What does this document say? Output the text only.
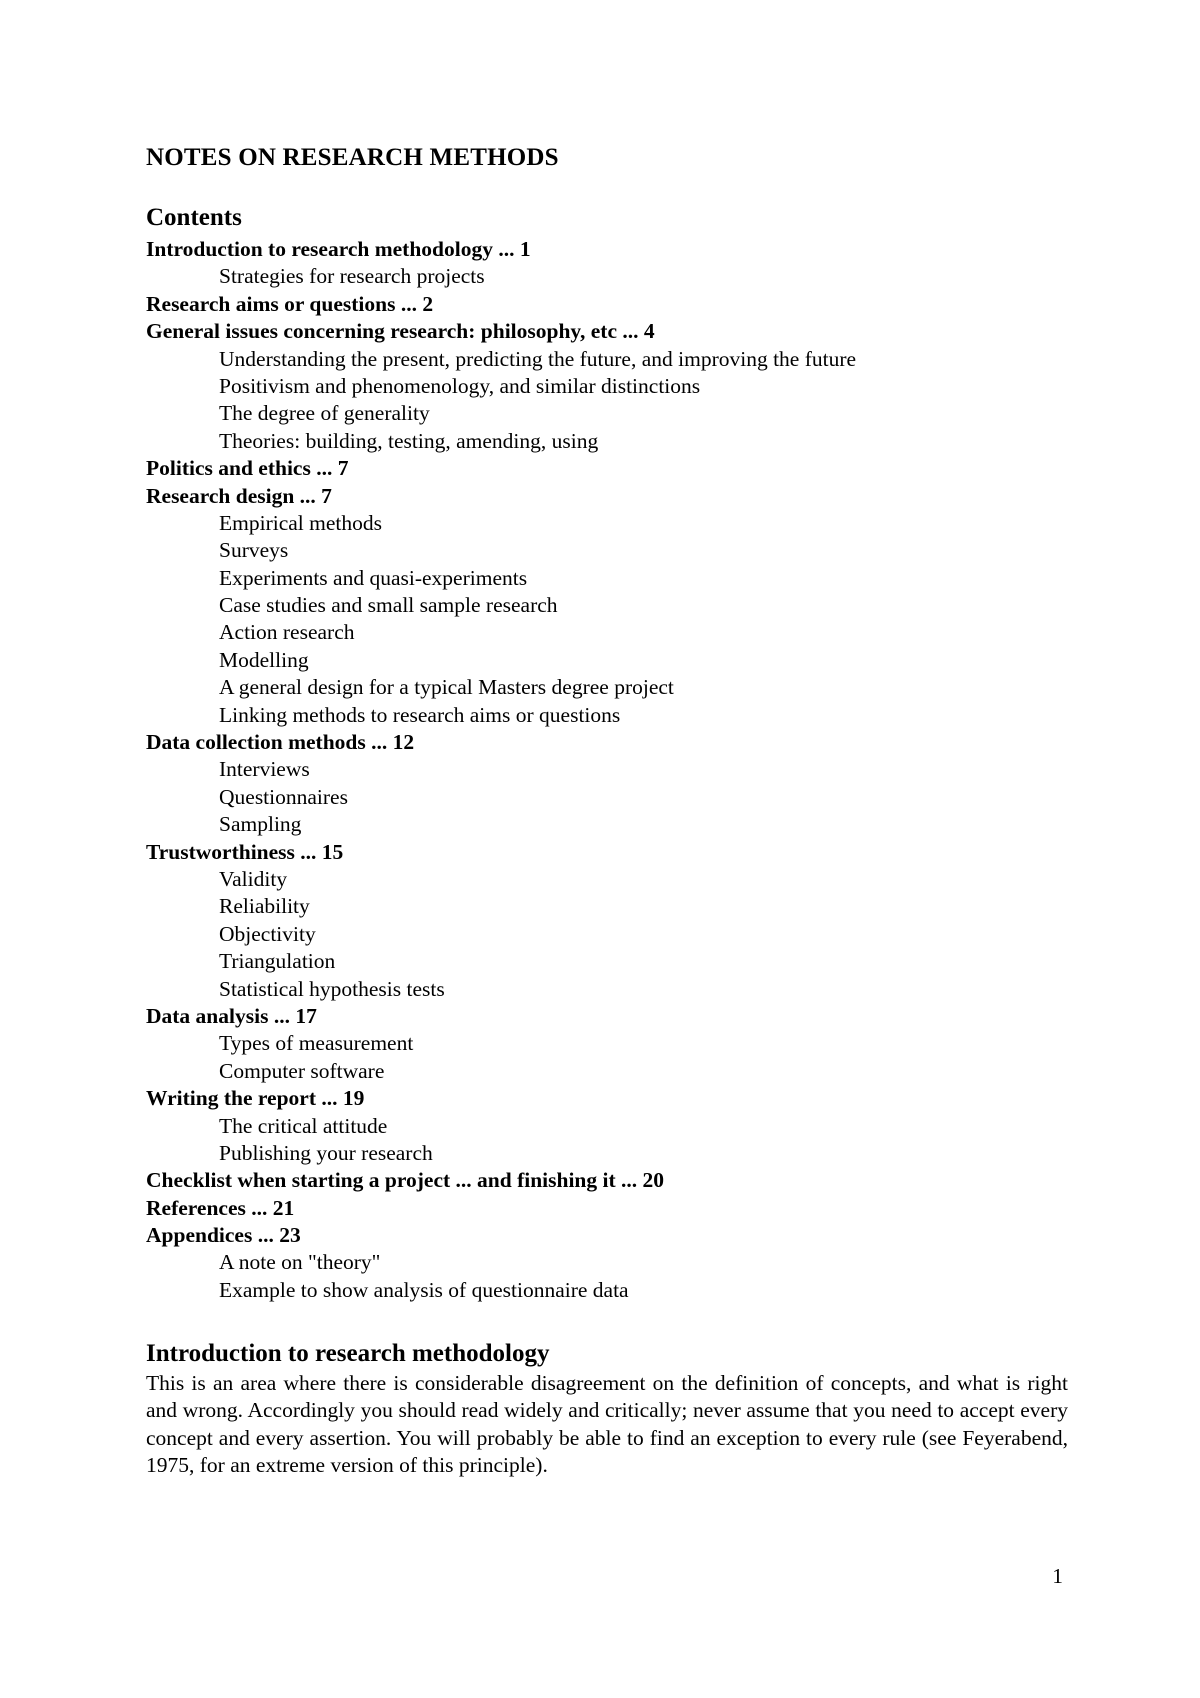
NOTES ON RESEARCH METHODS
Contents
Introduction to research methodology ... 1
Strategies for research projects
Research aims or questions ... 2
General issues concerning research: philosophy, etc ... 4
Understanding the present, predicting the future, and improving the future
Positivism and phenomenology, and similar distinctions
The degree of generality
Theories: building, testing, amending, using
Politics and ethics ... 7
Research design ... 7
Empirical methods
Surveys
Experiments and quasi-experiments
Case studies and small sample research
Action research
Modelling
A general design for a typical Masters degree project
Linking methods to research aims or questions
Data collection methods ... 12
Interviews
Questionnaires
Sampling
Trustworthiness ... 15
Validity
Reliability
Objectivity
Triangulation
Statistical hypothesis tests
Data analysis ... 17
Types of measurement
Computer software
Writing the report ... 19
The critical attitude
Publishing your research
Checklist when starting a project ... and finishing it ... 20
References ... 21
Appendices ... 23
A note on "theory"
Example to show analysis of questionnaire data
Introduction to research methodology

This is an area where there is considerable disagreement on the definition of concepts, and what is right and wrong. Accordingly you should read widely and critically; never assume that you need to accept every concept and every assertion. You will probably be able to find an exception to every rule (see Feyerabend, 1975, for an extreme version of this principle).

1
